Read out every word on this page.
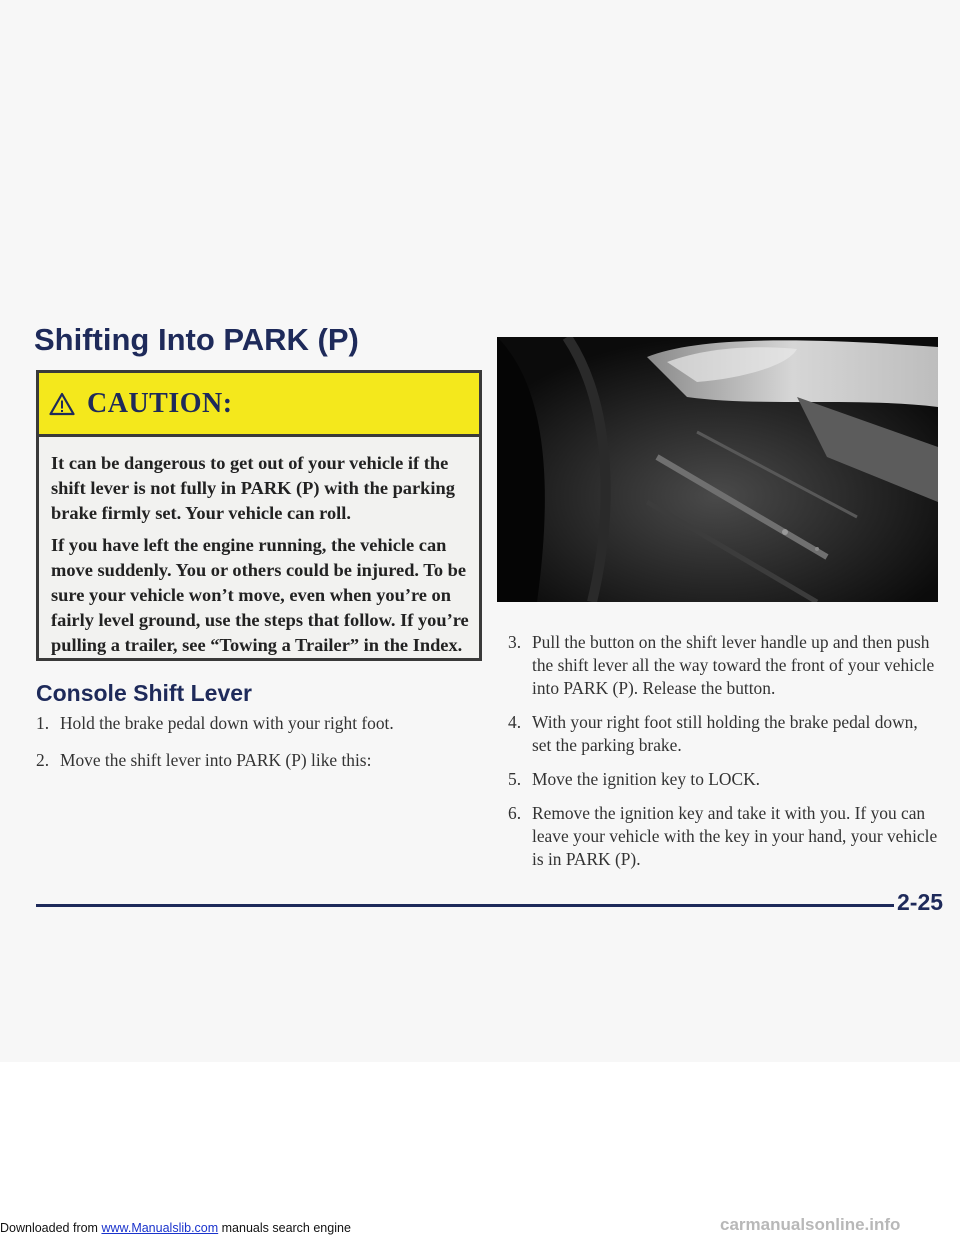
Shifting Into PARK (P)
CAUTION:

It can be dangerous to get out of your vehicle if the shift lever is not fully in PARK (P) with the parking brake firmly set. Your vehicle can roll.

If you have left the engine running, the vehicle can move suddenly. You or others could be injured. To be sure your vehicle won’t move, even when you’re on fairly level ground, use the steps that follow. If you’re pulling a trailer, see “Towing a Trailer” in the Index.

Console Shift Lever
1. Hold the brake pedal down with your right foot.
2. Move the shift lever into PARK (P) like this:
3. Pull the button on the shift lever handle up and then push the shift lever all the way toward the front of your vehicle into PARK (P). Release the button.
4. With your right foot still holding the brake pedal down, set the parking brake.
5. Move the ignition key to LOCK.
6. Remove the ignition key and take it with you. If you can leave your vehicle with the key in your hand, your vehicle is in PARK (P).
2-25
Downloaded from www.Manualslib.com manuals search engine	carmanualsonline.info
